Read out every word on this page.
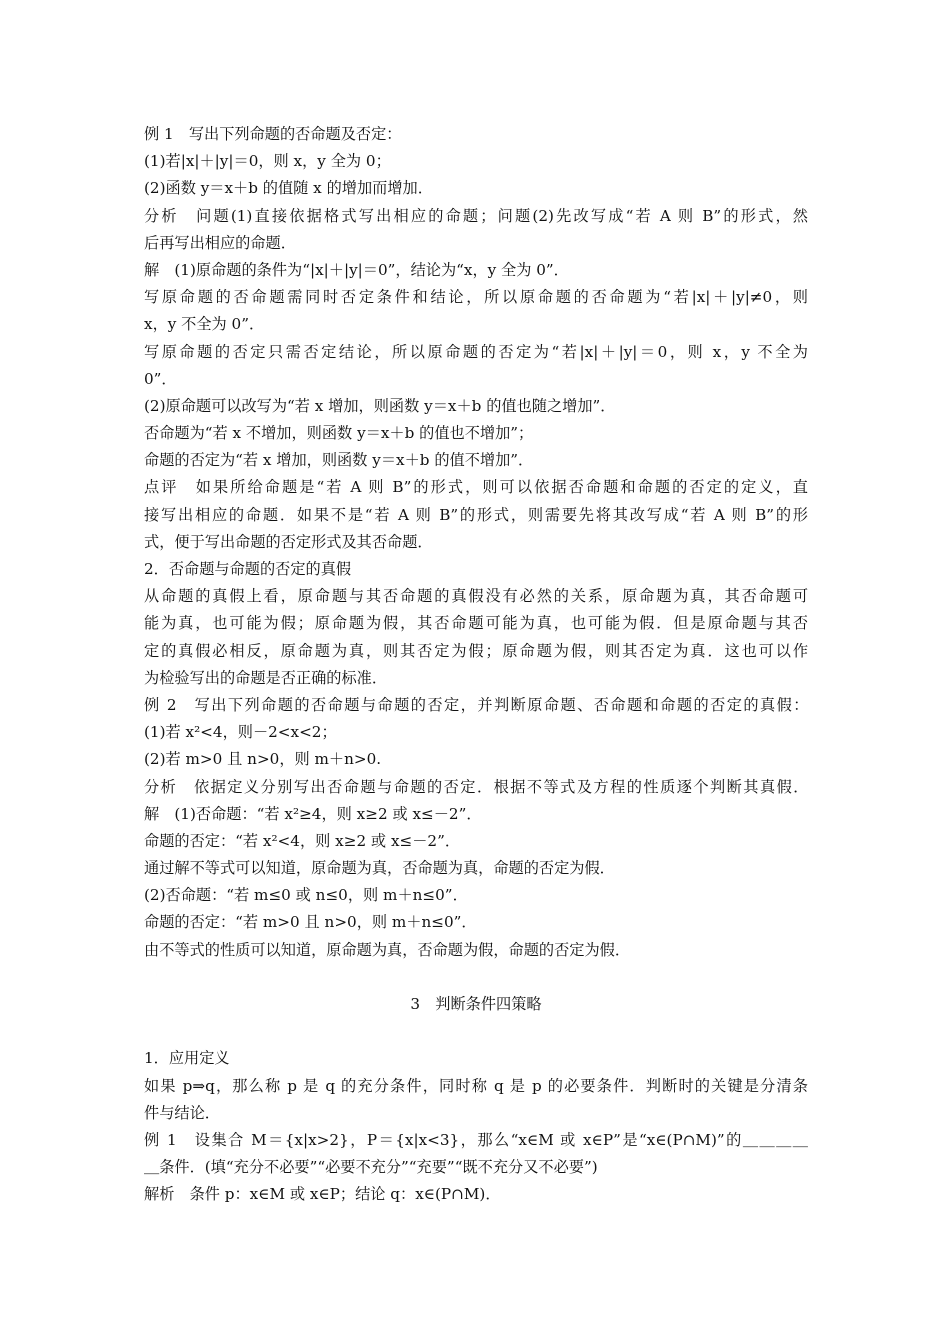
例 1　写出下列命题的否命题及否定：
(1)若|x|＋|y|＝0，则 x，y 全为 0；
(2)函数 y＝x＋b 的值随 x 的增加而增加．
分析　问题(1)直接依据格式写出相应的命题；问题(2)先改写成“若 A 则 B”的形式，然
后再写出相应的命题．
解　(1)原命题的条件为“|x|＋|y|＝0”，结论为“x，y 全为 0”．
写原命题的否命题需同时否定条件和结论，所以原命题的否命题为“若|x|＋|y|≠0，则
x，y 不全为 0”．
写原命题的否定只需否定结论，所以原命题的否定为“若|x|＋|y|＝0，则 x，y 不全为
0”．
(2)原命题可以改写为“若 x 增加，则函数 y＝x＋b 的值也随之增加”．
否命题为“若 x 不增加，则函数 y＝x＋b 的值也不增加”；
命题的否定为“若 x 增加，则函数 y＝x＋b 的值不增加”．
点评　如果所给命题是“若 A 则 B”的形式，则可以依据否命题和命题的否定的定义，直
接写出相应的命题．如果不是“若 A 则 B”的形式，则需要先将其改写成“若 A 则 B”的形
式，便于写出命题的否定形式及其否命题．
2．否命题与命题的否定的真假
从命题的真假上看，原命题与其否命题的真假没有必然的关系，原命题为真，其否命题可
能为真，也可能为假；原命题为假，其否命题可能为真，也可能为假．但是原命题与其否
定的真假必相反，原命题为真，则其否定为假；原命题为假，则其否定为真．这也可以作
为检验写出的命题是否正确的标准．
例 2　写出下列命题的否命题与命题的否定，并判断原命题、否命题和命题的否定的真假：
(1)若 x²<4，则－2<x<2；
(2)若 m>0 且 n>0，则 m＋n>0.
分析　依据定义分别写出否命题与命题的否定．根据不等式及方程的性质逐个判断其真假．
解　(1)否命题：“若 x²≥4，则 x≥2 或 x≤－2”．
命题的否定：“若 x²<4，则 x≥2 或 x≤－2”．
通过解不等式可以知道，原命题为真，否命题为真，命题的否定为假．
(2)否命题：“若 m≤0 或 n≤0，则 m＋n≤0”．
命题的否定：“若 m>0 且 n>0，则 m＋n≤0”．
由不等式的性质可以知道，原命题为真，否命题为假，命题的否定为假．
3　判断条件四策略
1．应用定义
如果 p⇒q，那么称 p 是 q 的充分条件，同时称 q 是 p 的必要条件．判断时的关键是分清条
件与结论．
例 1　设集合 M＝{x|x>2}，P＝{x|x<3}，那么“x∈M 或 x∈P”是“x∈(P∩M)”的＿＿＿＿
＿条件．(填“充分不必要”“必要不充分”“充要”“既不充分又不必要”)
解析　条件 p：x∈M 或 x∈P；结论 q：x∈(P∩M)．
